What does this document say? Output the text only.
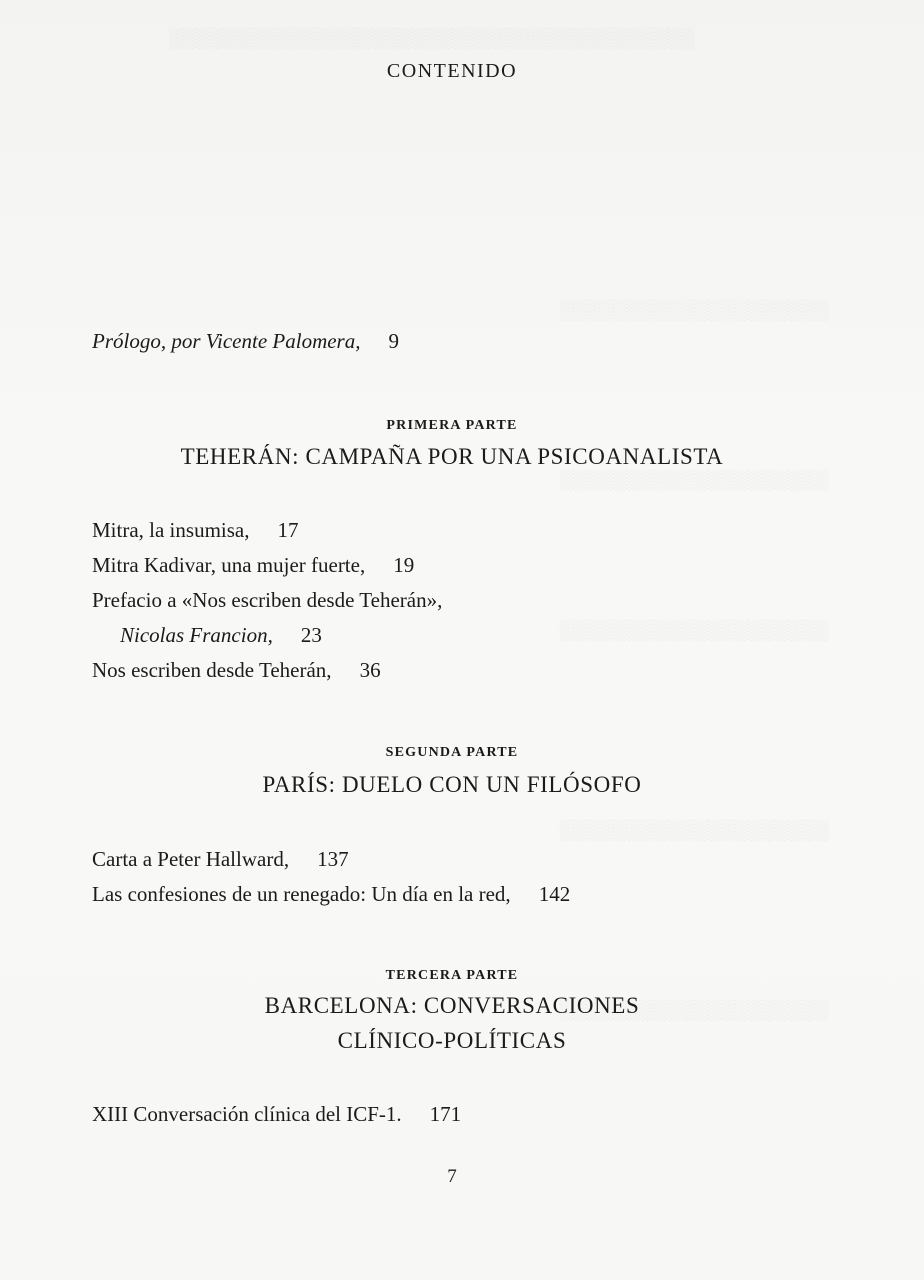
░░░░░░░░░░░░░░░░░░░░░░░░░░░░░░░░░░░░░░░
░░░░░░░░░░░░░░░░░░░░
░░░░░░░░░░░░░░░░░░░░
░░░░░░░░░░░░░░░░░░░░
░░░░░░░░░░░░░░░░░░░░
░░░░░░░░░░░░░░░░░░░░
CONTENIDO
Prólogo, por Vicente Palomera, 9
PRIMERA PARTE
TEHERÁN: CAMPAÑA POR UNA PSICOANALISTA
Mitra, la insumisa, 17
Mitra Kadivar, una mujer fuerte, 19
Prefacio a «Nos escriben desde Teherán»,
Nicolas Francion, 23
Nos escriben desde Teherán, 36
SEGUNDA PARTE
PARÍS: DUELO CON UN FILÓSOFO
Carta a Peter Hallward, 137
Las confesiones de un renegado: Un día en la red, 142
TERCERA PARTE
BARCELONA: CONVERSACIONES
CLÍNICO-POLÍTICAS
XIII Conversación clínica del ICF-1. 171
7
